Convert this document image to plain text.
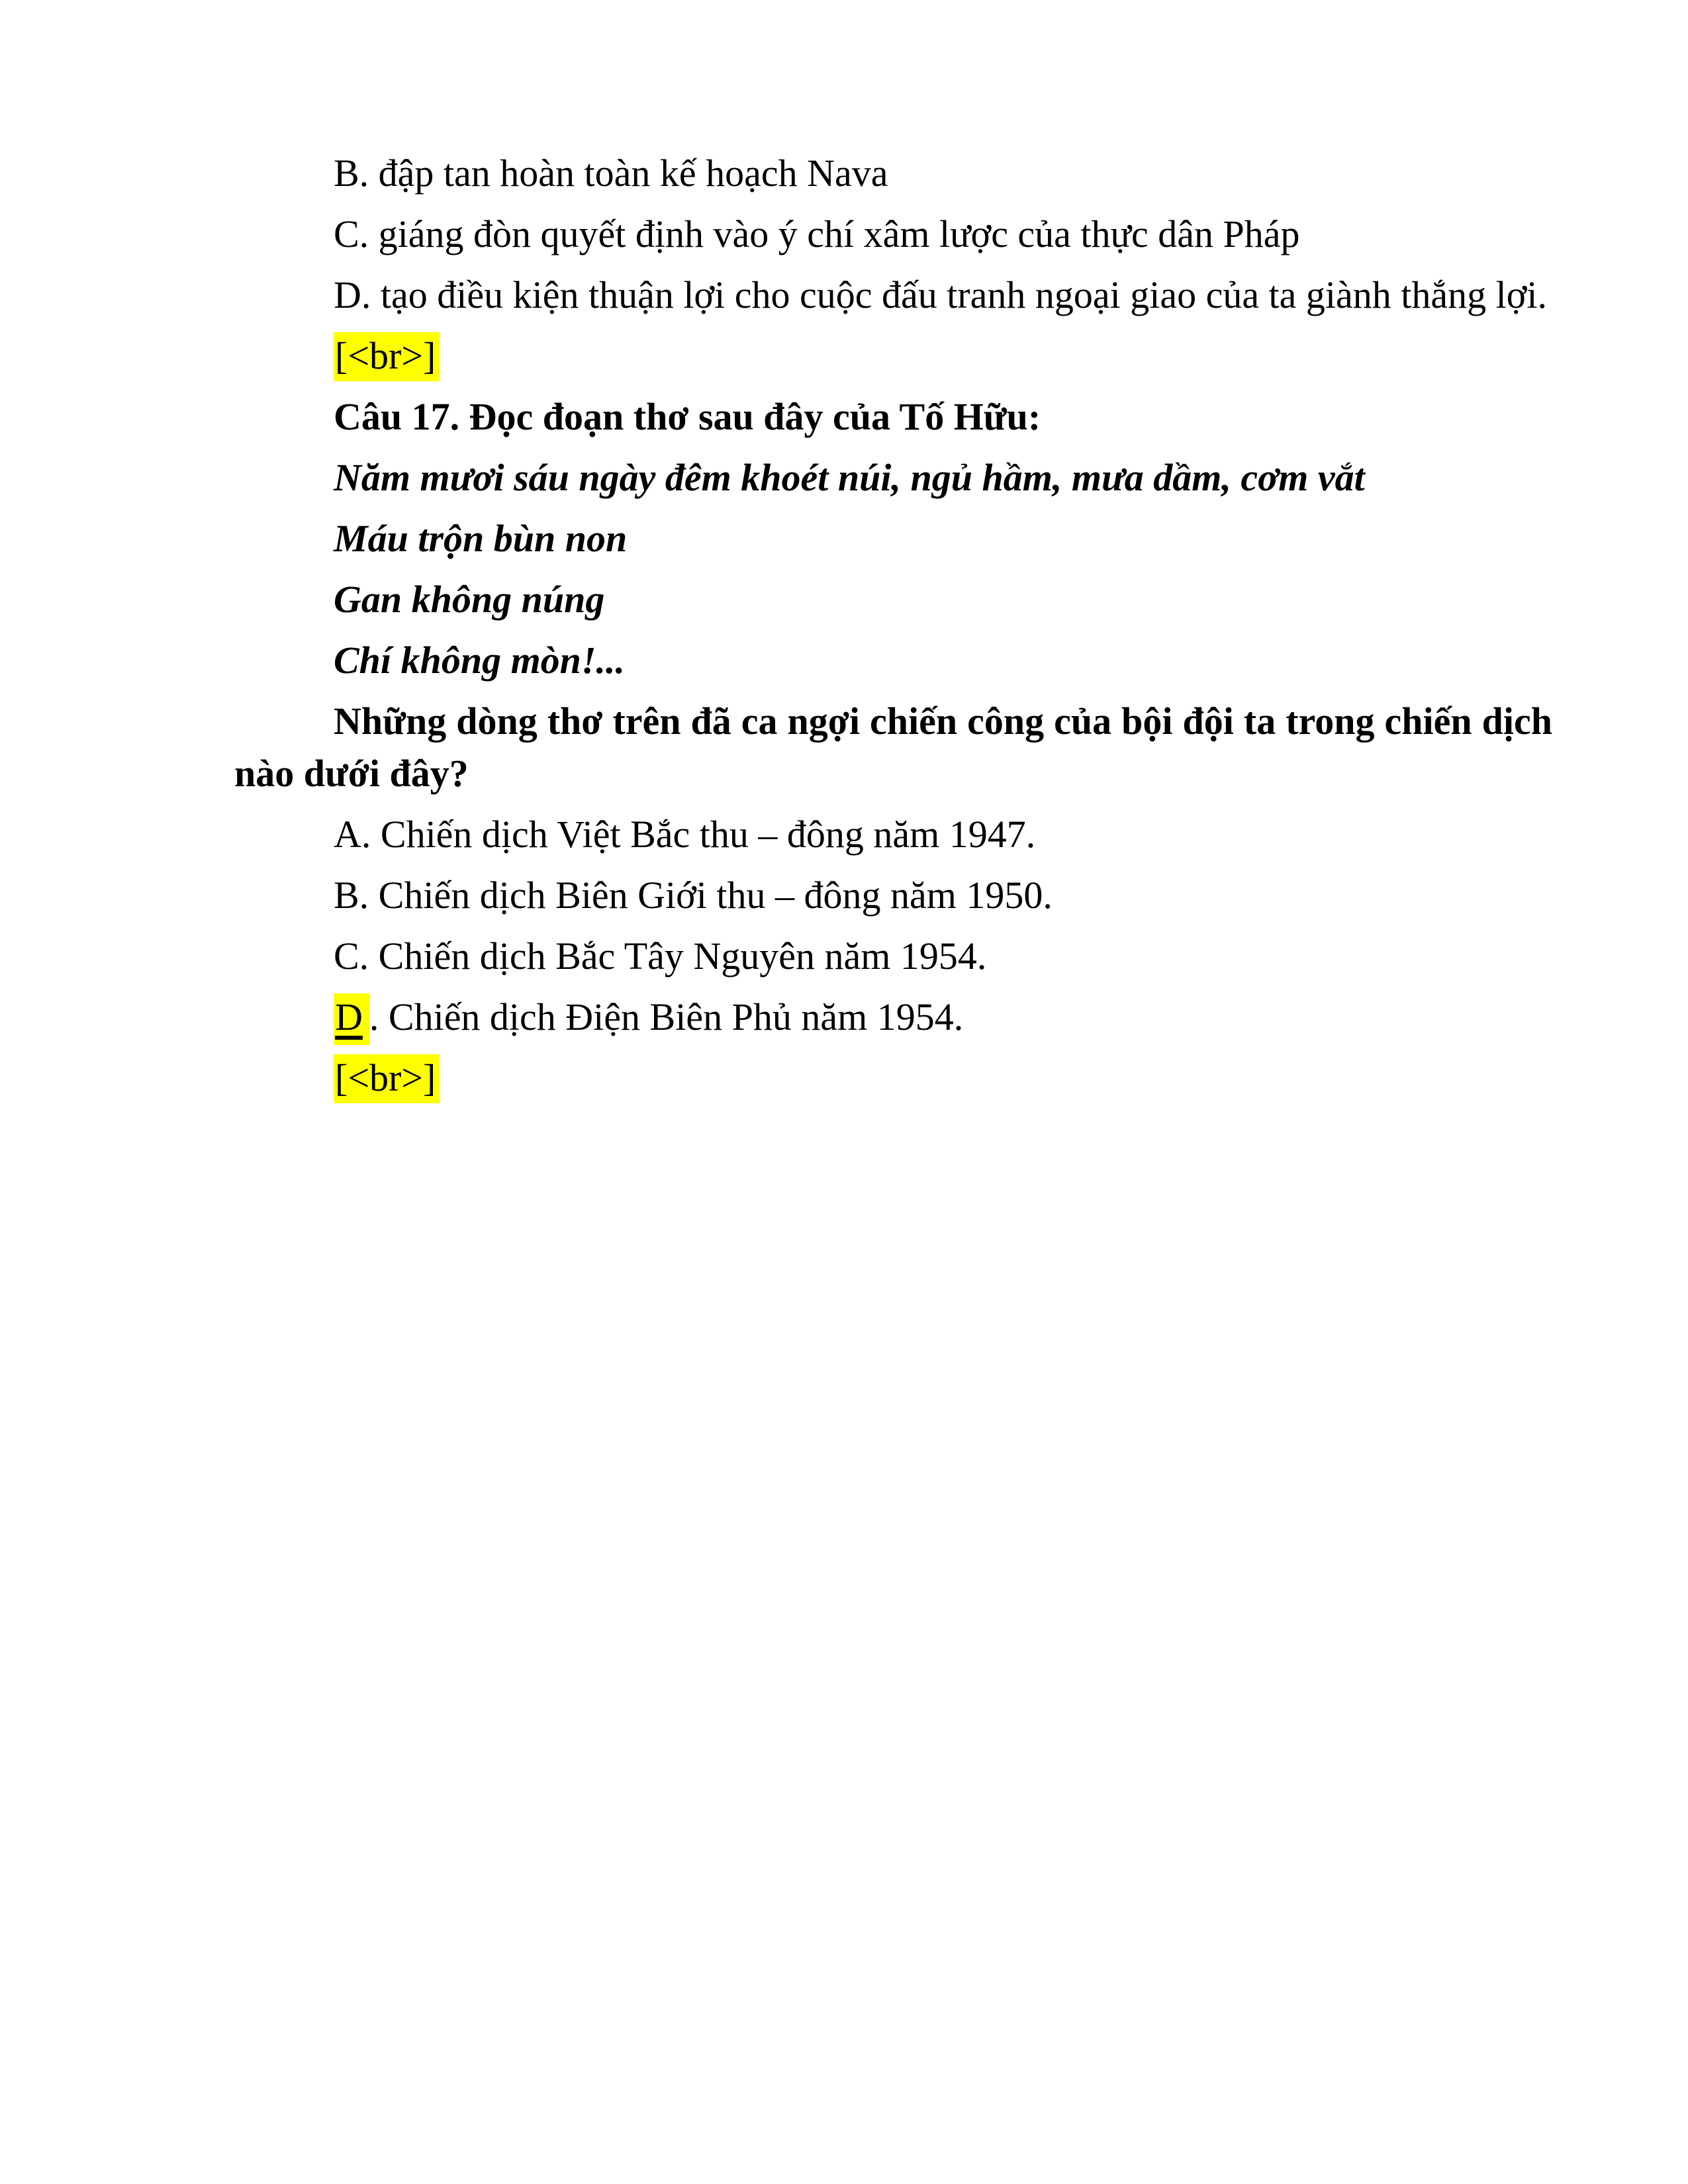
B. đập tan hoàn toàn kế hoạch Nava

C. giáng đòn quyết định vào ý chí xâm lược của thực dân Pháp

D. tạo điều kiện thuận lợi cho cuộc đấu tranh ngoại giao của ta giành thắng lợi.

[<br>]

Câu 17. Đọc đoạn thơ sau đây của Tố Hữu:

Năm mươi sáu ngày đêm khoét núi, ngủ hầm, mưa dầm, cơm vắt

Máu trộn bùn non

Gan không núng

Chí không mòn!...

Những dòng thơ trên đã ca ngợi chiến công của bội đội ta trong chiến dịch nào dưới đây?

A. Chiến dịch Việt Bắc thu – đông năm 1947.

B. Chiến dịch Biên Giới thu – đông năm 1950.

C. Chiến dịch Bắc Tây Nguyên năm 1954.

D . Chiến dịch Điện Biên Phủ năm 1954.

[<br>]
